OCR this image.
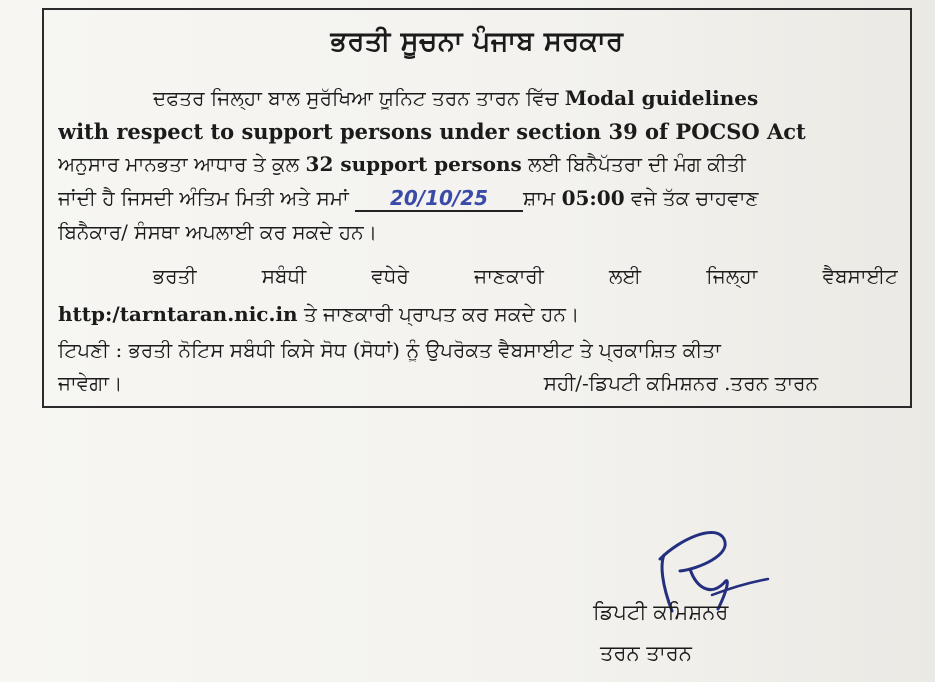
ਭਰਤੀ ਸੂਚਨਾ ਪੰਜਾਬ ਸਰਕਾਰ
ਦਫਤਰ ਜਿਲ੍ਹਾ ਬਾਲ ਸੁਰੱਖਿਆ ਯੂਨਿਟ ਤਰਨ ਤਾਰਨ ਵਿੱਚ Modal guidelines
with respect to support persons under section 39 of POCSO Act
ਅਨੁਸਾਰ ਮਾਨਭਤਾ ਆਧਾਰ ਤੇ ਕੁਲ 32 support persons ਲਈ ਬਿਨੈਪੱਤਰਾ ਦੀ ਮੰਗ ਕੀਤੀ
ਜਾਂਦੀ ਹੈ ਜਿਸਦੀ ਅੰਤਿਮ ਮਿਤੀ ਅਤੇ ਸਮਾਂ 20/10/25 ਸ਼ਾਮ 05:00 ਵਜੇ ਤੱਕ ਚਾਹਵਾਣ
ਬਿਨੈਕਾਰ/ ਸੰਸਥਾ ਅਪਲਾਈ ਕਰ ਸਕਦੇ ਹਨ।
ਭਰਤੀ	ਸਬੰਧੀ	ਵਧੇਰੇ	ਜਾਣਕਾਰੀ	ਲਈ	ਜਿਲ੍ਹਾ	ਵੈਬਸਾਈਟ
http:/tarntaran.nic.in ਤੇ ਜਾਣਕਾਰੀ ਪ੍ਰਾਪਤ ਕਰ ਸਕਦੇ ਹਨ।
ਟਿਪਣੀ : ਭਰਤੀ ਨੋਟਿਸ ਸਬੰਧੀ ਕਿਸੇ ਸੋਧ (ਸੋਧਾਂ) ਨੂੰ ਉਪਰੋਕਤ ਵੈਬਸਾਈਟ ਤੇ ਪ੍ਰਕਾਸ਼ਿਤ ਕੀਤਾ
ਜਾਵੇਗਾ।	ਸਹੀ/-ਡਿਪਟੀ ਕਮਿਸ਼ਨਰ .ਤਰਨ ਤਾਰਨ
ਡਿਪਟੀ ਕਮਿਸ਼ਨਰ
ਤਰਨ ਤਾਰਨ
